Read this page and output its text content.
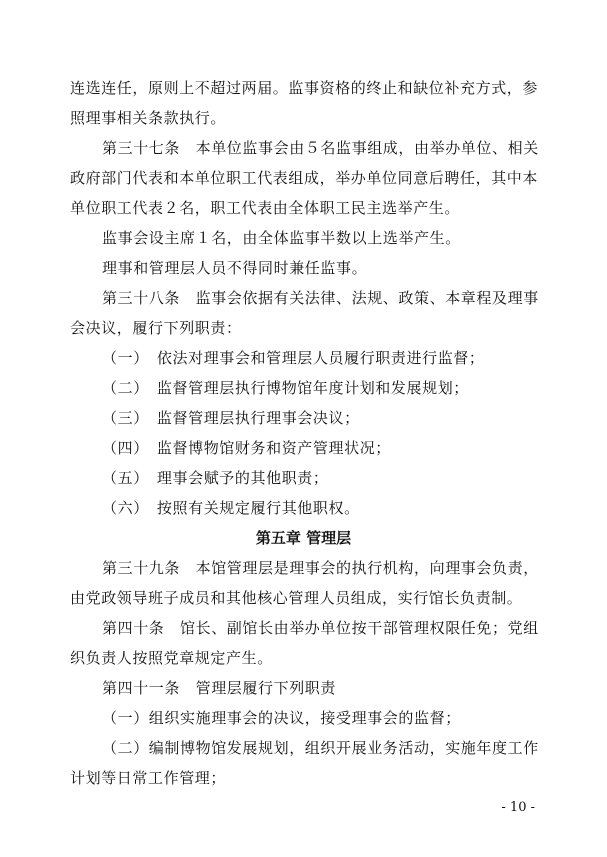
连选连任，原则上不超过两届。监事资格的终止和缺位补充方式，参
照理事相关条款执行。
第三十七条　本单位监事会由５名监事组成，由举办单位、相关
政府部门代表和本单位职工代表组成，举办单位同意后聘任，其中本
单位职工代表２名，职工代表由全体职工民主选举产生。
监事会设主席１名，由全体监事半数以上选举产生。
理事和管理层人员不得同时兼任监事。
第三十八条　监事会依据有关法律、法规、政策、本章程及理事
会决议，履行下列职责：
（一）　依法对理事会和管理层人员履行职责进行监督；
（二）　监督管理层执行博物馆年度计划和发展规划；
（三）　监督管理层执行理事会决议；
（四）　监督博物馆财务和资产管理状况；
（五）　理事会赋予的其他职责；
（六）　按照有关规定履行其他职权。
第五章 管理层
第三十九条　本馆管理层是理事会的执行机构，向理事会负责，
由党政领导班子成员和其他核心管理人员组成，实行馆长负责制。
第四十条　馆长、副馆长由举办单位按干部管理权限任免；党组
织负责人按照党章规定产生。
第四十一条　管理层履行下列职责
（一）组织实施理事会的决议，接受理事会的监督；
（二）编制博物馆发展规划，组织开展业务活动，实施年度工作
计划等日常工作管理；
- 10 -
